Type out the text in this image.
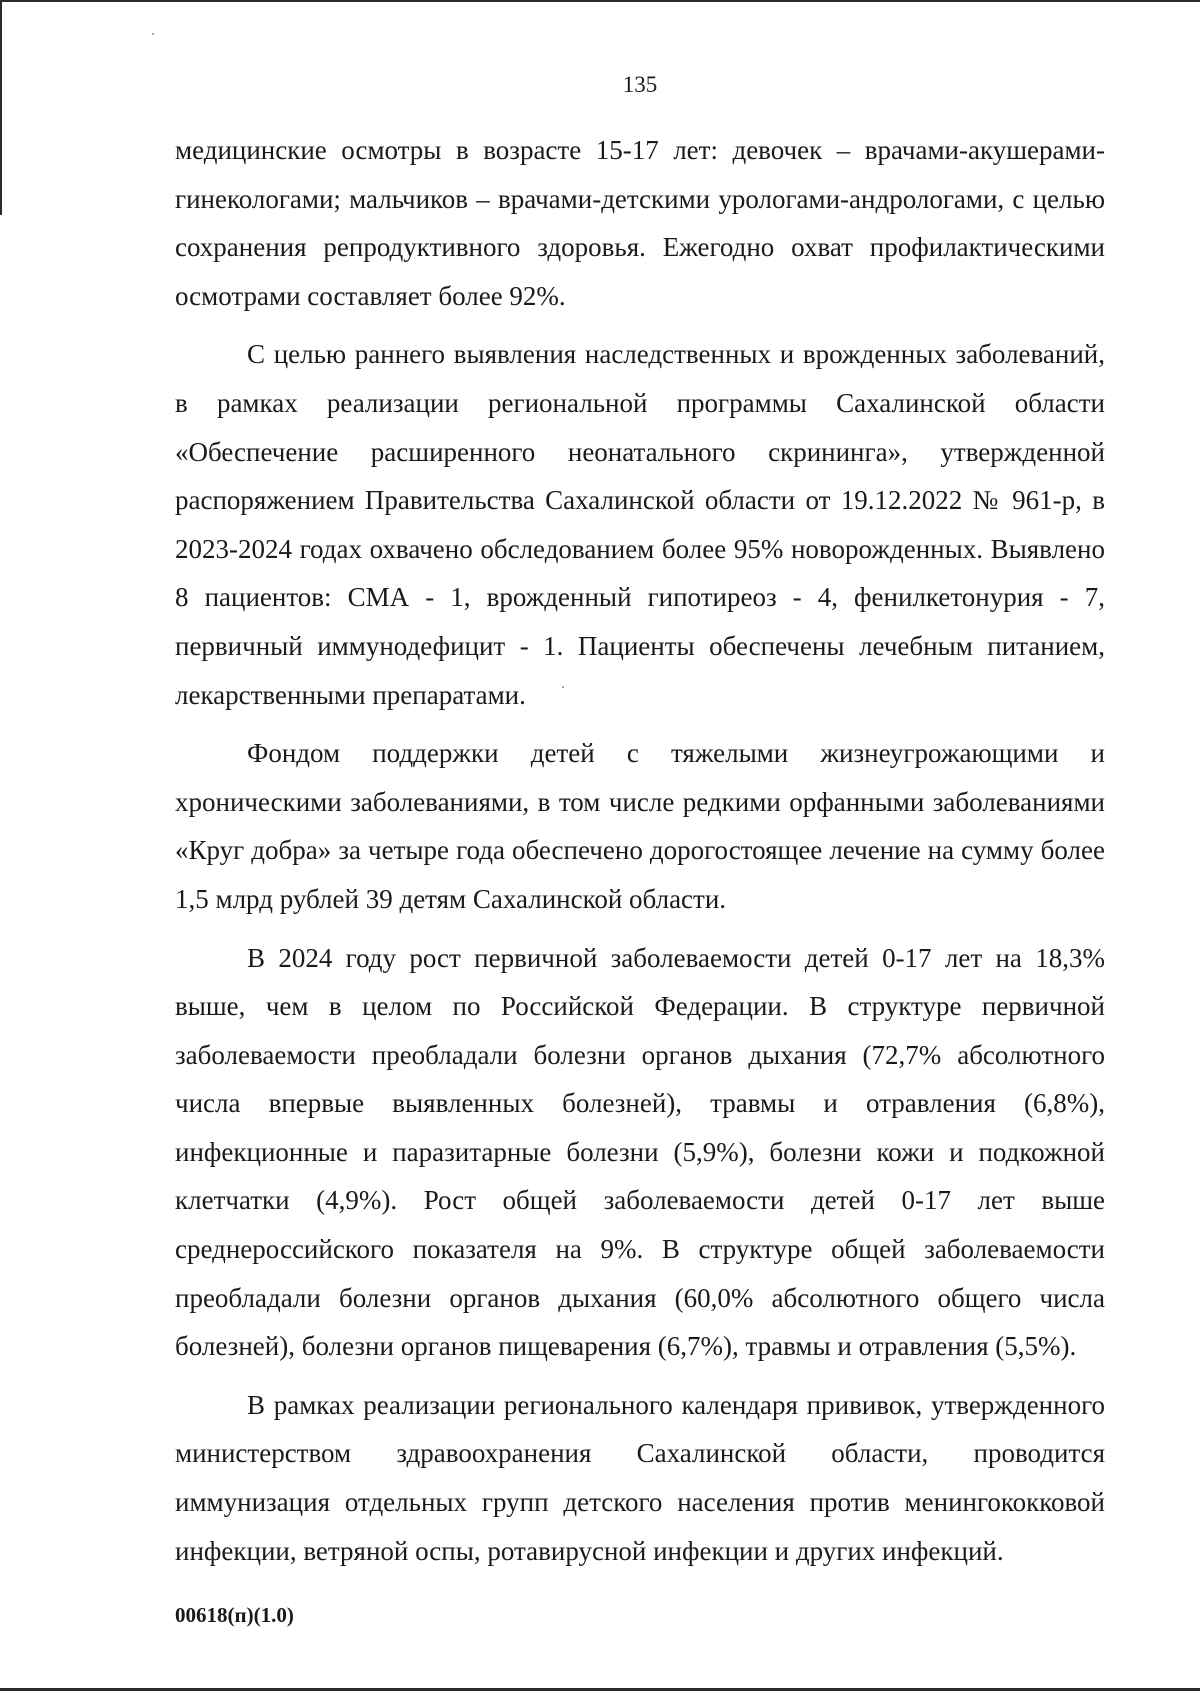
135

медицинские осмотры в возрасте 15-17 лет: девочек – врачами-акушерами-гинекологами; мальчиков – врачами-детскими урологами-андрологами, с целью сохранения репродуктивного здоровья. Ежегодно охват профилактическими осмотрами составляет более 92%.

С целью раннего выявления наследственных и врожденных заболеваний, в рамках реализации региональной программы Сахалинской области «Обеспечение расширенного неонатального скрининга», утвержденной распоряжением Правительства Сахалинской области от 19.12.2022 № 961-р, в 2023-2024 годах охвачено обследованием более 95% новорожденных. Выявлено 8 пациентов: СМА - 1, врожденный гипотиреоз - 4, фенилкетонурия - 7, первичный иммунодефицит - 1. Пациенты обеспечены лечебным питанием, лекарственными препаратами.

Фондом поддержки детей с тяжелыми жизнеугрожающими и хроническими заболеваниями, в том числе редкими орфанными заболеваниями «Круг добра» за четыре года обеспечено дорогостоящее лечение на сумму более 1,5 млрд рублей 39 детям Сахалинской области.

В 2024 году рост первичной заболеваемости детей 0-17 лет на 18,3% выше, чем в целом по Российской Федерации. В структуре первичной заболеваемости преобладали болезни органов дыхания (72,7% абсолютного числа впервые выявленных болезней), травмы и отравления (6,8%), инфекционные и паразитарные болезни (5,9%), болезни кожи и подкожной клетчатки (4,9%). Рост общей заболеваемости детей 0-17 лет выше среднероссийского показателя на 9%. В структуре общей заболеваемости преобладали болезни органов дыхания (60,0% абсолютного общего числа болезней), болезни органов пищеварения (6,7%), травмы и отравления (5,5%).

В рамках реализации регионального календаря прививок, утвержденного министерством здравоохранения Сахалинской области, проводится иммунизация отдельных групп детского населения против менингококковой инфекции, ветряной оспы, ротавирусной инфекции и других инфекций.

00618(п)(1.0)
